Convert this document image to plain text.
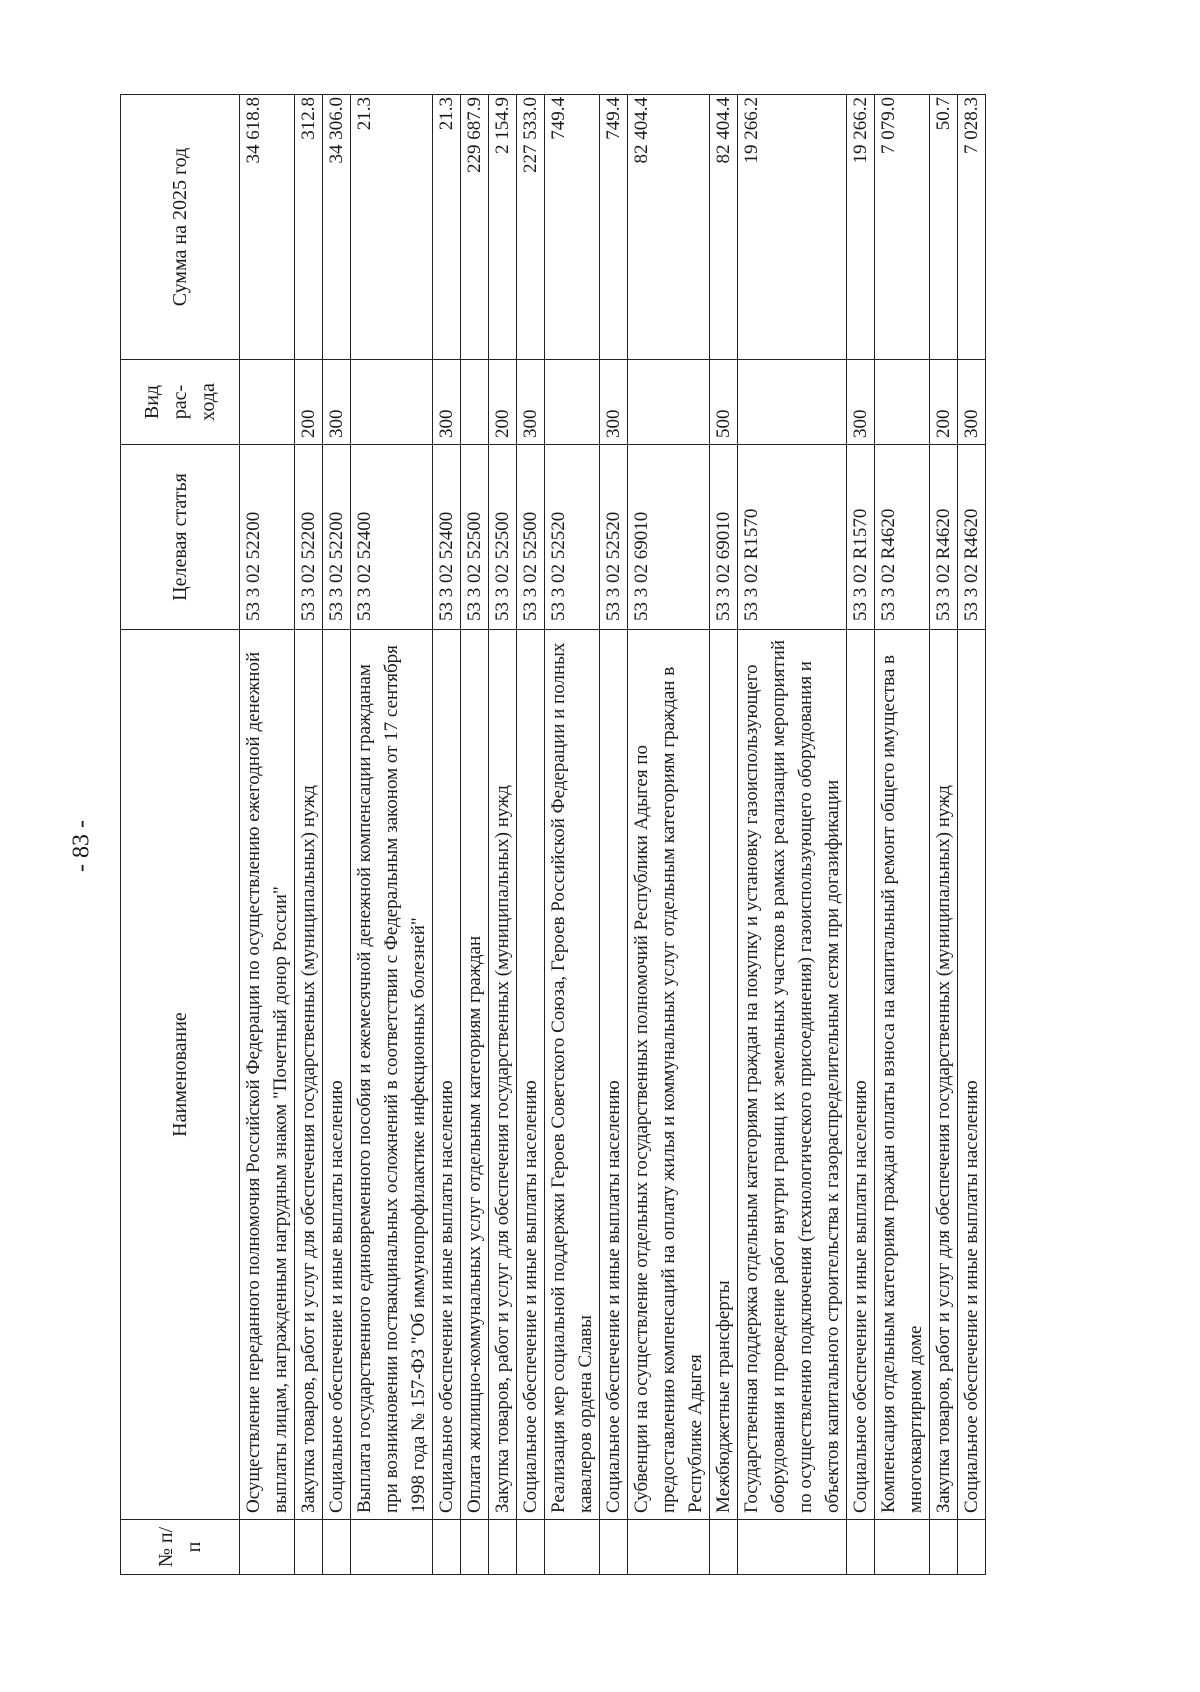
- 83 -
№ п/п	Наименование	Целевая статья	Вид рас- хода	Сумма на 2025 год
	Осуществление переданного полномочия Российской Федерации по осуществлению ежегодной денежной выплаты лицам, награжденным нагрудным знаком "Почетный донор России"	53 3 02 52200		34 618.8
	Закупка товаров, работ и услуг для обеспечения государственных (муниципальных) нужд	53 3 02 52200	200	312.8
	Социальное обеспечение и иные выплаты населению	53 3 02 52200	300	34 306.0
	Выплата государственного единовременного пособия и ежемесячной денежной компенсации гражданам при возникновении поствакцинальных осложнений в соответствии с Федеральным законом от 17 сентября 1998 года № 157-ФЗ "Об иммунопрофилактике инфекционных болезней"	53 3 02 52400		21.3
	Социальное обеспечение и иные выплаты населению	53 3 02 52400	300	21.3
	Оплата жилищно-коммунальных услуг отдельным категориям граждан	53 3 02 52500		229 687.9
	Закупка товаров, работ и услуг для обеспечения государственных (муниципальных) нужд	53 3 02 52500	200	2 154.9
	Социальное обеспечение и иные выплаты населению	53 3 02 52500	300	227 533.0
	Реализация мер социальной поддержки Героев Советского Союза, Героев Российской Федерации и полных кавалеров ордена Славы	53 3 02 52520		749.4
	Социальное обеспечение и иные выплаты населению	53 3 02 52520	300	749.4
	Субвенции на осуществление отдельных государственных полномочий Республики Адыгея по предоставлению компенсаций на оплату жилья и коммунальных услуг отдельным категориям граждан в Республике Адыгея	53 3 02 69010		82 404.4
	Межбюджетные трансферты	53 3 02 69010	500	82 404.4
	Государственная поддержка отдельным категориям граждан на покупку и установку газоиспользующего оборудования и проведение работ внутри границ их земельных участков в рамках реализации мероприятий по осуществлению подключения (технологического присоединения) газоиспользующего оборудования и объектов капитального строительства к газораспределительным сетям при догазификации	53 3 02 R1570		19 266.2
	Социальное обеспечение и иные выплаты населению	53 3 02 R1570	300	19 266.2
	Компенсация отдельным категориям граждан оплаты взноса на капитальный ремонт общего имущества в многоквартирном доме	53 3 02 R4620		7 079.0
	Закупка товаров, работ и услуг для обеспечения государственных (муниципальных) нужд	53 3 02 R4620	200	50.7
	Социальное обеспечение и иные выплаты населению	53 3 02 R4620	300	7 028.3
